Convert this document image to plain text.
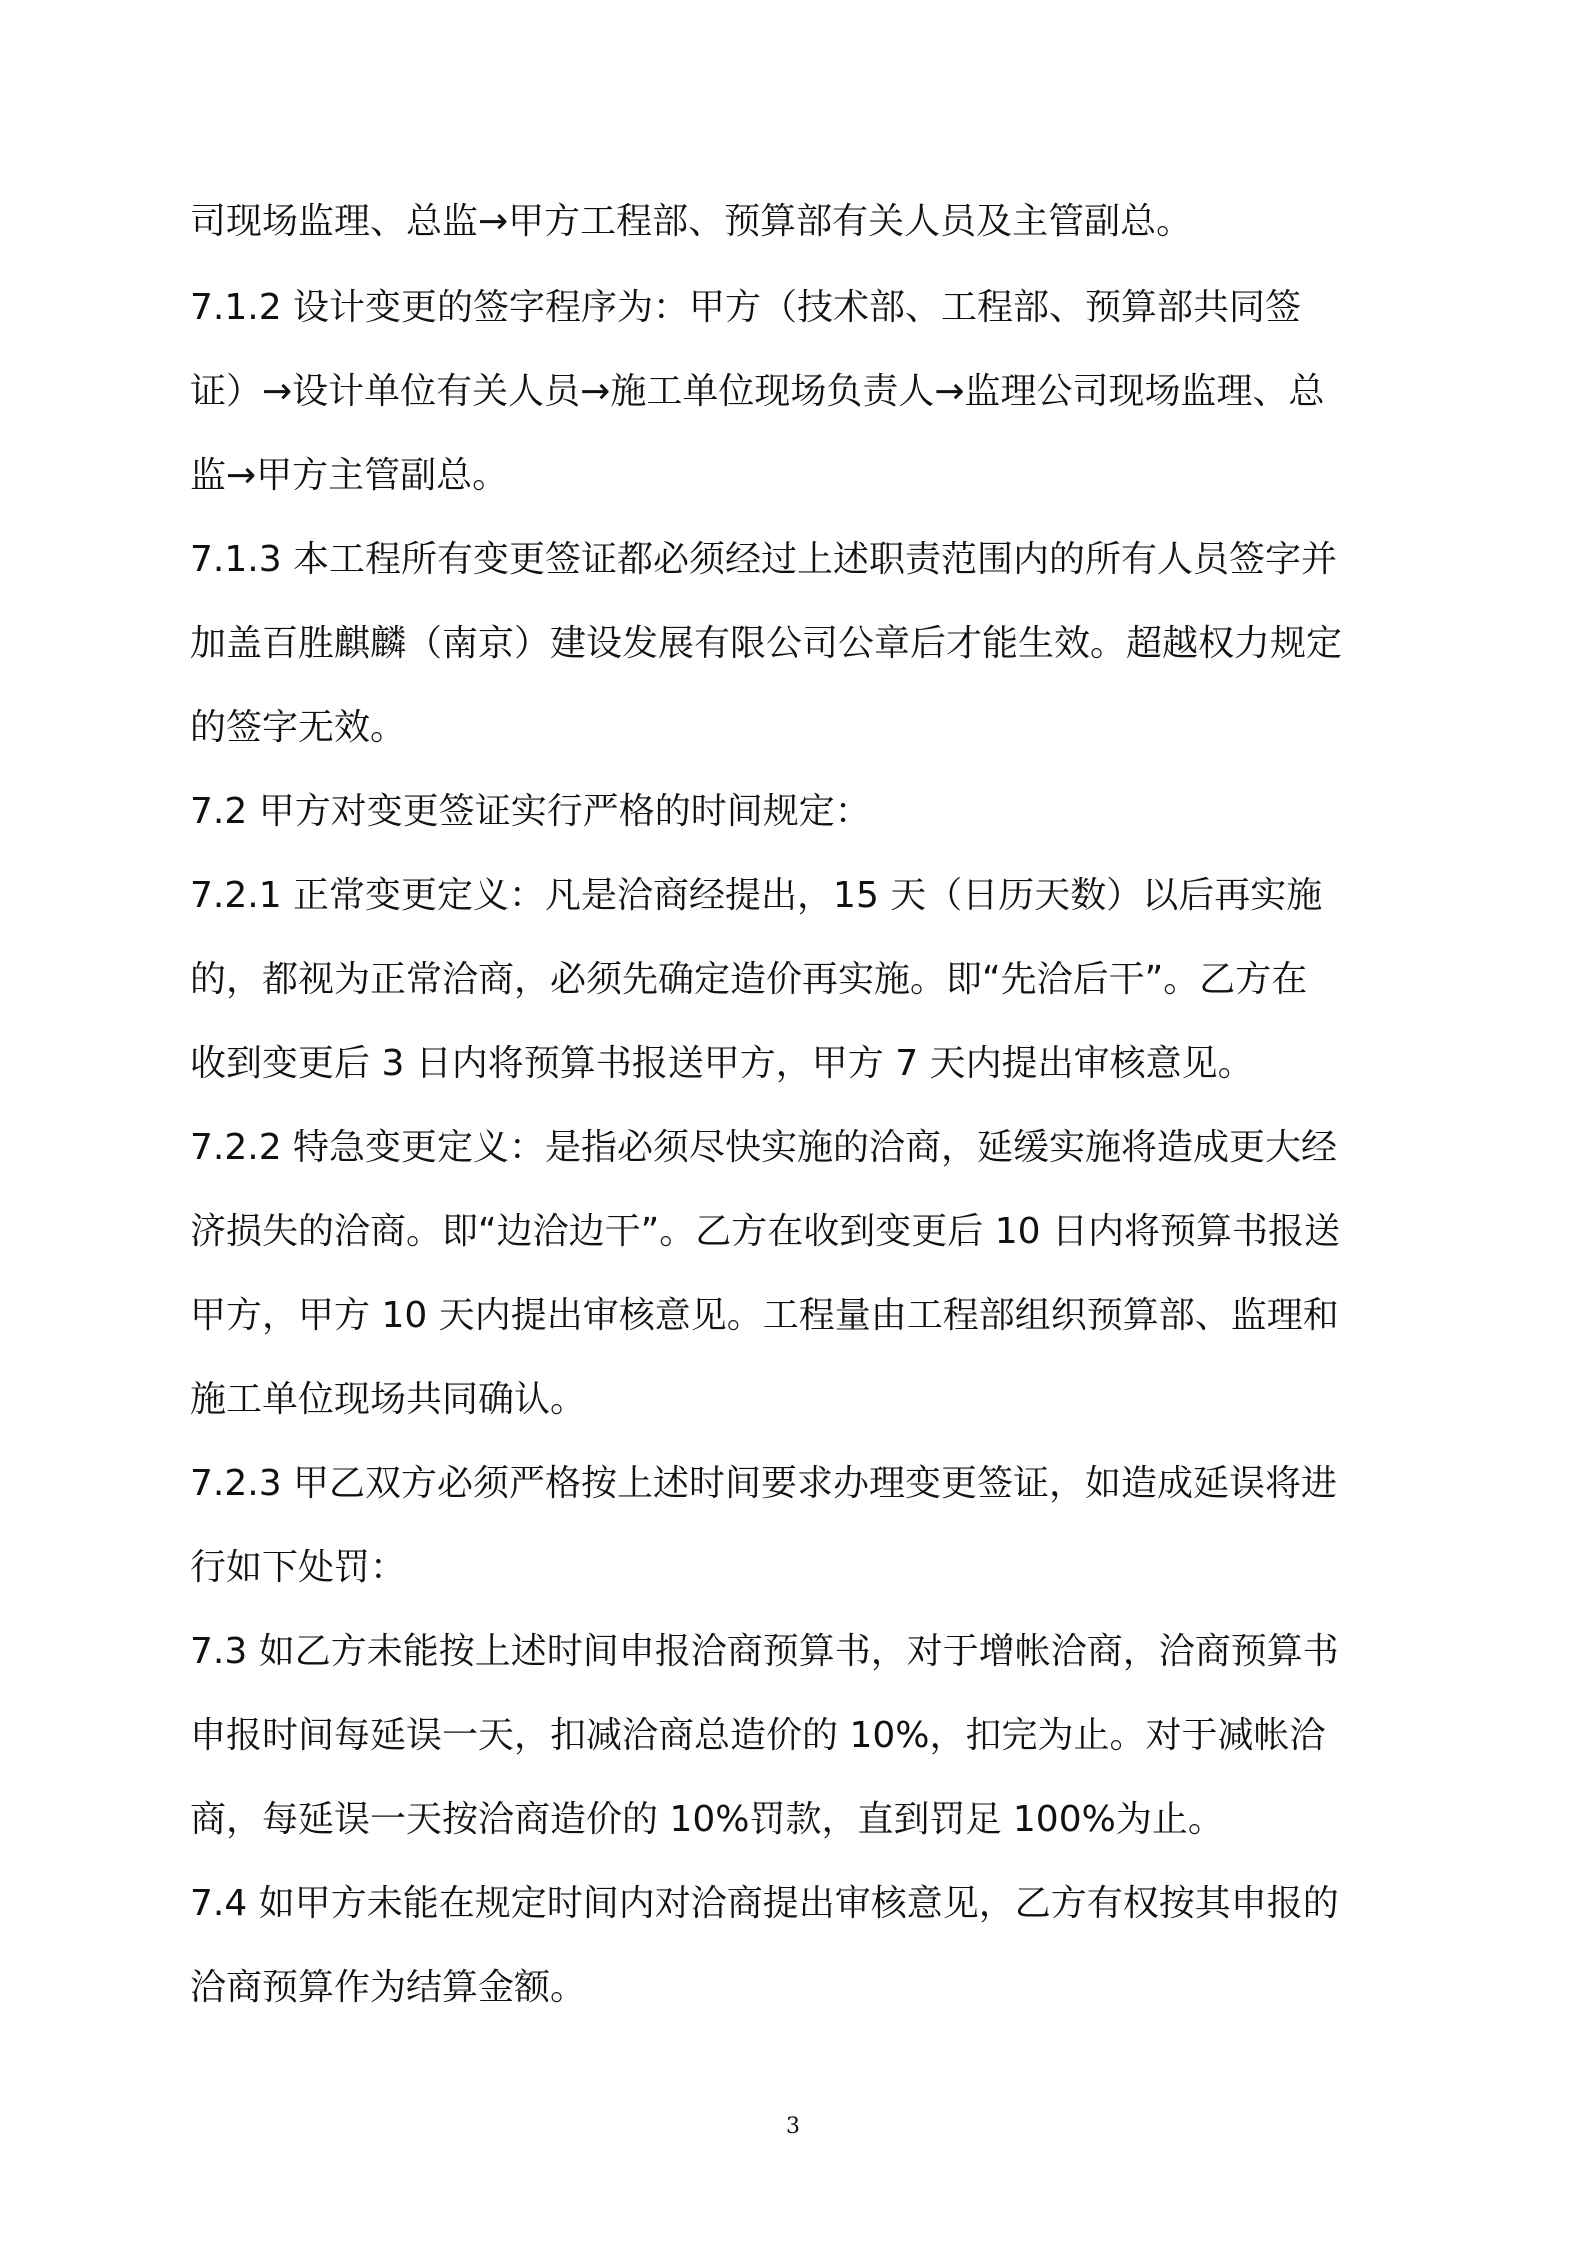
司现场监理、总监→甲方工程部、预算部有关人员及主管副总。
7.1.2 设计变更的签字程序为：甲方（技术部、工程部、预算部共同签
证）→设计单位有关人员→施工单位现场负责人→监理公司现场监理、总
监→甲方主管副总。
7.1.3 本工程所有变更签证都必须经过上述职责范围内的所有人员签字并
加盖百胜麒麟（南京）建设发展有限公司公章后才能生效。超越权力规定
的签字无效。
7.2 甲方对变更签证实行严格的时间规定：
7.2.1 正常变更定义：凡是洽商经提出，15 天（日历天数）以后再实施
的，都视为正常洽商，必须先确定造价再实施。即“先洽后干”。乙方在
收到变更后 3 日内将预算书报送甲方，甲方 7 天内提出审核意见。
7.2.2 特急变更定义：是指必须尽快实施的洽商，延缓实施将造成更大经
济损失的洽商。即“边洽边干”。乙方在收到变更后 10 日内将预算书报送
甲方，甲方 10 天内提出审核意见。工程量由工程部组织预算部、监理和
施工单位现场共同确认。
7.2.3 甲乙双方必须严格按上述时间要求办理变更签证，如造成延误将进
行如下处罚：
7.3 如乙方未能按上述时间申报洽商预算书，对于增帐洽商，洽商预算书
申报时间每延误一天，扣减洽商总造价的 10%，扣完为止。对于减帐洽
商，每延误一天按洽商造价的 10%罚款，直到罚足 100%为止。
7.4 如甲方未能在规定时间内对洽商提出审核意见，乙方有权按其申报的
洽商预算作为结算金额。
3
